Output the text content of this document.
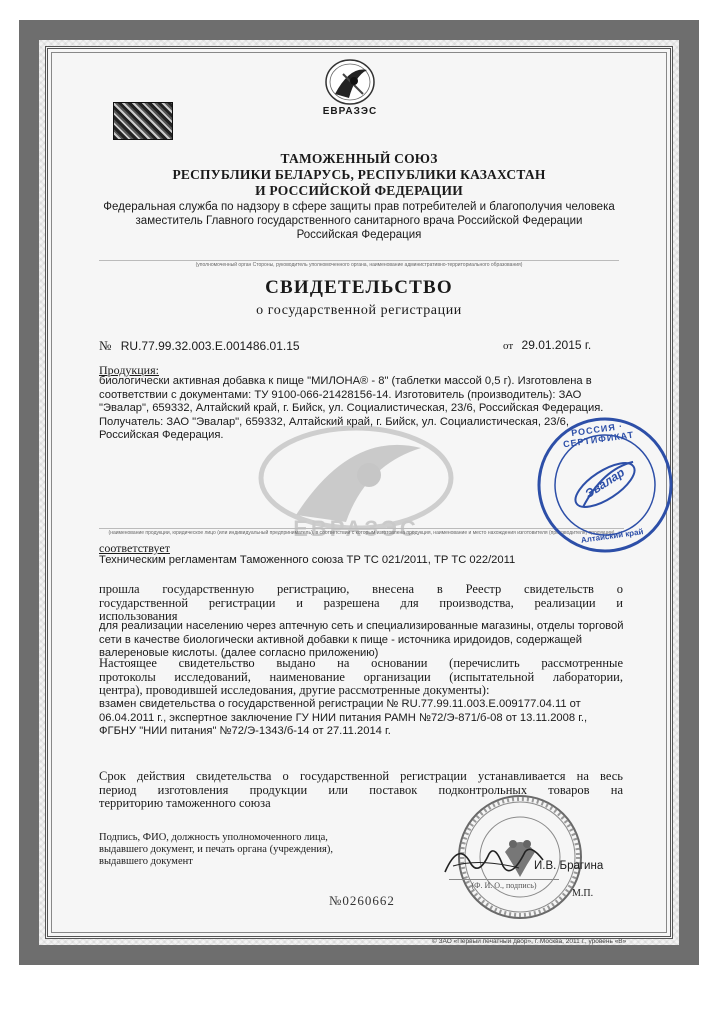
ЕВРАЗЭС
ТАМОЖЕННЫЙ СОЮЗ
РЕСПУБЛИКИ БЕЛАРУСЬ, РЕСПУБЛИКИ КАЗАХСТАН
И РОССИЙСКОЙ ФЕДЕРАЦИИ
Федеральная служба по надзору в сфере защиты прав потребителей и благополучия человека
заместитель Главного государственного санитарного врача Российской Федерации
Российская Федерация
(уполномоченный орган Стороны, руководитель уполномоченного органа, наименование административно-территориального образования)
СВИДЕТЕЛЬСТВО
о государственной регистрации
№ RU.77.99.32.003.E.001486.01.15	от 29.01.2015 г.
Продукция:
биологически активная добавка к пище "МИЛОНА® - 8" (таблетки массой 0,5 г). Изготовлена в
соответствии с документами: ТУ 9100-066-21428156-14. Изготовитель (производитель): ЗАО
"Эвалар", 659332, Алтайский край, г. Бийск, ул. Социалистическая, 23/6, Российская Федерация.
Получатель: ЗАО "Эвалар", 659332, Алтайский край, г. Бийск, ул. Социалистическая, 23/6,
Российская Федерация.
ЕВРАЗЭС
(наименование продукции, юридическое лицо (или индивидуальный предприниматель), в соответствии с которым изготовлена продукция, наименование и место нахождения изготовителя (производителя) продукции)
соответствует
Техническим регламентам Таможенного союза ТР ТС 021/2011, ТР ТС 022/2011
прошла государственную регистрацию, внесена в Реестр свидетельств о
государственной регистрации и разрешена для производства, реализации и
использования
для реализации населению через аптечную сеть и специализированные магазины, отделы торговой
сети в качестве биологически активной добавки к пище - источника иридоидов, содержащей
валереновые кислоты. (далее согласно приложению)
Настоящее свидетельство выдано на основании (перечислить рассмотренные
протоколы исследований, наименование организации (испытательной лаборатории,
центра), проводившей исследования, другие рассмотренные документы):
взамен свидетельства о государственной регистрации № RU.77.99.11.003.Е.009177.04.11 от
06.04.2011 г., экспертное заключение ГУ НИИ питания РАМН №72/Э-871/б-08 от 13.11.2008 г.,
ФГБНУ "НИИ питания" №72/Э-1343/б-14 от 27.11.2014 г.
Срок действия свидетельства о государственной регистрации устанавливается на весь
период изготовления продукции или поставок подконтрольных товаров на
территорию таможенного союза
Подпись, ФИО, должность уполномоченного лица,
выдавшего документ, и печать органа (учреждения),
выдавшего документ	И.В. Брагина
(Ф. И. О., подпись)
М.П.
№0260662
РОССИЯ · СЕРТИФИКАТ
Эвалар
Алтайский край
© ЗАО «Первый печатный двор», г. Москва, 2011 г., уровень «В»
